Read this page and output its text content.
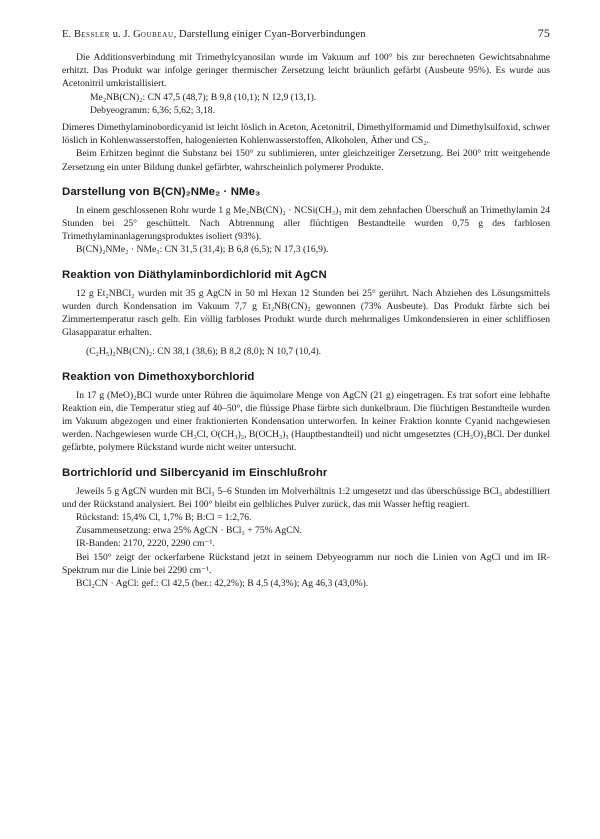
E. Bessler u. J. Goubeau, Darstellung einiger Cyan-Borverbindungen	75

Die Additionsverbindung mit Trimethylcyanosilan wurde im Vakuum auf 100° bis zur berechneten Gewichtsabnahme erhitzt. Das Produkt war infolge geringer thermischer Zersetzung leicht bräunlich gefärbt (Ausbeute 95%). Es wurde aus Acetonitril umkristallisiert.

Me₂NB(CN)₂: CN 47,5 (48,7); B 9,8 (10,1); N 12,9 (13,1).

Debyeogramm: 6,36; 5,62; 3,18.

Dimeres Dimethylaminobordicyanid ist leicht löslich in Aceton, Acetonitril, Dimethylformamid und Dimethylsulfoxid, schwer löslich in Kohlenwasserstoffen, halogenierten Kohlenwasserstoffen, Alkoholen, Äther und CS₂.

Beim Erhitzen beginnt die Substanz bei 150° zu sublimieren, unter gleichzeitiger Zersetzung. Bei 200° tritt weitgehende Zersetzung ein unter Bildung dunkel gefärbter, wahrscheinlich polymerer Produkte.

Darstellung von B(CN)₂NMe₂ · NMe₃

In einem geschlossenen Rohr wurde 1 g Me₂NB(CN)₂ · NCSi(CH₃)₃ mit dem zehnfachen Überschuß an Trimethylamin 24 Stunden bei 25° geschüttelt. Nach Abtrennung aller flüchtigen Bestandteile wurden 0,75 g des farblosen Trimethylaminanlagerungsproduktes isoliert (93%).

B(CN)₂NMe₂ · NMe₃: CN 31,5 (31,4); B 6,8 (6,5); N 17,3 (16,9).

Reaktion von Diäthylaminbordichlorid mit AgCN

12 g Et₂NBCl₂ wurden mit 35 g AgCN in 50 ml Hexan 12 Stunden bei 25° gerührt. Nach Abziehen des Lösungsmittels wurden durch Kondensation im Vakuum 7,7 g Et₂NB(CN)₂ gewonnen (73% Ausbeute). Das Produkt färbte sich bei Zimmertemperatur rasch gelb. Ein völlig farbloses Produkt wurde durch mehrmaliges Umkondensieren in einer schliffiosen Glasapparatur erhalten.

(C₂H₅)₂NB(CN)₂: CN 38,1 (38,6); B 8,2 (8,0); N 10,7 (10,4).

Reaktion von Dimethoxyborchlorid

In 17 g (MeO)₂BCl wurde unter Rühren die äquimolare Menge von AgCN (21 g) eingetragen. Es trat sofort eine lebhafte Reaktion ein, die Temperatur stieg auf 40–50°, die flüssige Phase färbte sich dunkelbraun. Die flüchtigen Bestandteile wurden im Vakuum abgezogen und einer fraktionierten Kondensation unterworfen. In keiner Fraktion konnte Cyanid nachgewiesen werden. Nachgewiesen wurde CH₃Cl, O(CH₃)₂, B(OCH₃)₃ (Hauptbestandteil) und nicht umgesetztes (CH₃O)₂BCl. Der dunkel gefärbte, polymere Rückstand wurde nicht weiter untersucht.

Bortrichlorid und Silbercyanid im Einschlußrohr

Jeweils 5 g AgCN wurden mit BCl₃ 5–6 Stunden im Molverhältnis 1:2 umgesetzt und das überschüssige BCl₃ abdestilliert und der Rückstand analysiert. Bei 100° bleibt ein gelbliches Pulver zurück, das mit Wasser heftig reagiert.

Rückstand: 15,4% Cl, 1,7% B; B:Cl = 1:2,76.

Zusammensetzung: etwa 25% AgCN · BCl₃ + 75% AgCN.

IR-Banden: 2170, 2220, 2290 cm⁻¹.

Bei 150° zeigt der ockerfarbene Rückstand jetzt in seinem Debyeogramm nur noch die Linien von AgCl und im IR-Spektrum nur die Linie bei 2290 cm⁻¹.

BCl₂CN · AgCl: gef.: Cl 42,5 (ber.: 42,2%); B 4,5 (4,3%); Ag 46,3 (43,0%).
